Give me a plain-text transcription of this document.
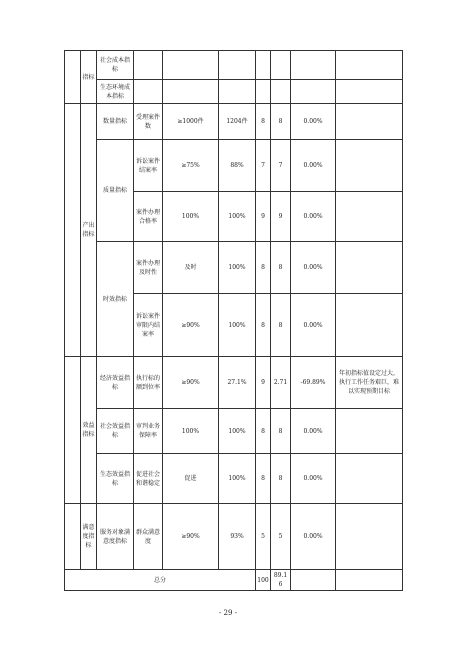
	指标	社会成本指标							
		生态环境成本指标							
	产出指标	数量指标	受理案件数	≥1000件	1204件	8	8	0.00%	
		质量指标	诉讼案件结案率	≥75%	88%	7	7	0.00%	
			案件办理合格率	100%	100%	9	9	0.00%	
		时效指标	案件办理及时性	及时	100%	8	8	0.00%	
			诉讼案件审限内结案率	≥90%	100%	8	8	0.00%	
	效益指标	经济效益指标	执行标的额到位率	≥90%	27.1%	9	2.71	-69.89%	年初指标值设定过大，执行工作任务艰巨，难以实现预期目标
		社会效益指标	审判业务保障率	100%	100%	8	8	0.00%	
		生态效益指标	促进社会和谐稳定	促进	100%	8	8	0.00%	
	满意度指标	服务对象满意度指标	群众满意度	≥90%	93%	5	5	0.00%	
总分						100	89.16		
- 29 -
